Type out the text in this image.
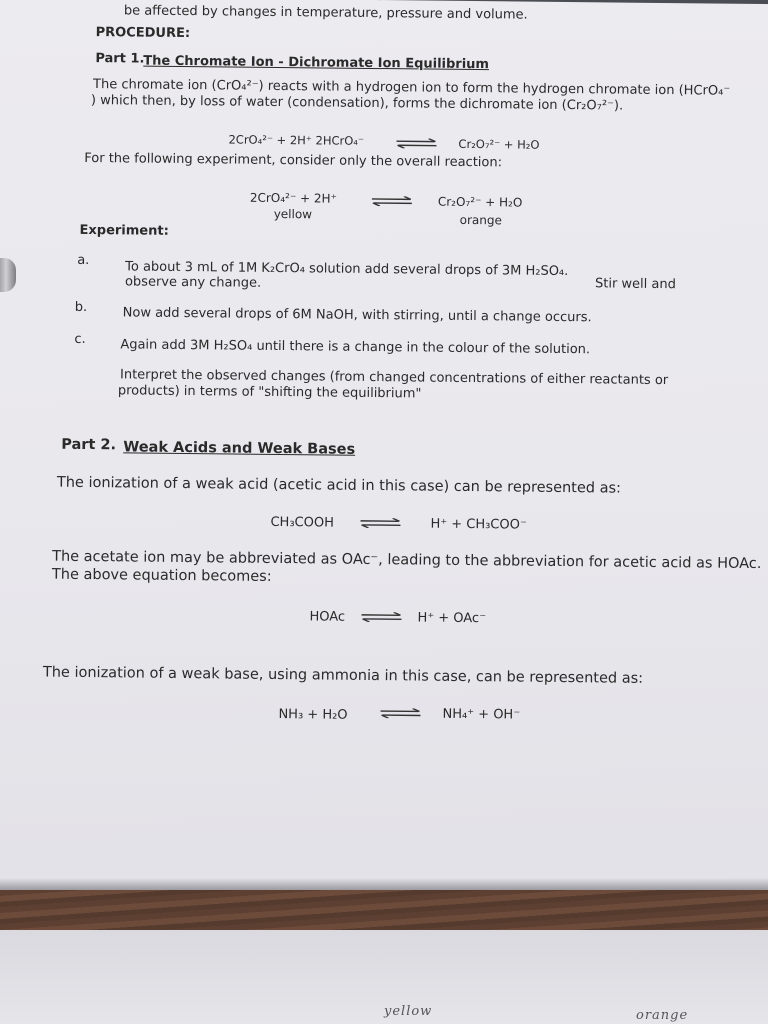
be affected by changes in temperature, pressure and volume.
PROCEDURE:
Part 1.
The Chromate Ion - Dichromate Ion Equilibrium
The chromate ion (CrO₄²⁻) reacts with a hydrogen ion to form the hydrogen chromate ion (HCrO₄⁻
) which then, by loss of water (condensation), forms the dichromate ion (Cr₂O₇²⁻).
2CrO₄²⁻ + 2H⁺ 2HCrO₄⁻ ⇌ Cr₂O₇²⁻ + H₂O
For the following experiment, consider only the overall reaction:
2CrO₄²⁻ + 2H⁺ ⇌ Cr₂O₇²⁻ + H₂O
yellow	orange
Experiment:
a.	To about 3 mL of 1M K₂CrO₄ solution add several drops of 3M H₂SO₄.
Stir well and
observe any change.
b.	Now add several drops of 6M NaOH, with stirring, until a change occurs.
c.	Again add 3M H₂SO₄ until there is a change in the colour of the solution.
Interpret the observed changes (from changed concentrations of either reactants or
products) in terms of "shifting the equilibrium"
Part 2. Weak Acids and Weak Bases
The ionization of a weak acid (acetic acid in this case) can be represented as:
CH₃COOH	H⁺ + CH₃COO⁻
The acetate ion may be abbreviated as OAc⁻, leading to the abbreviation for acetic acid as HOAc.
The above equation becomes:
HOAc ⇌ H⁺ + OAc⁻
The ionization of a weak base, using ammonia in this case, can be represented as:
NH₃ + H₂O ⇌ NH₄⁺ + OH⁻
yellow	orange
